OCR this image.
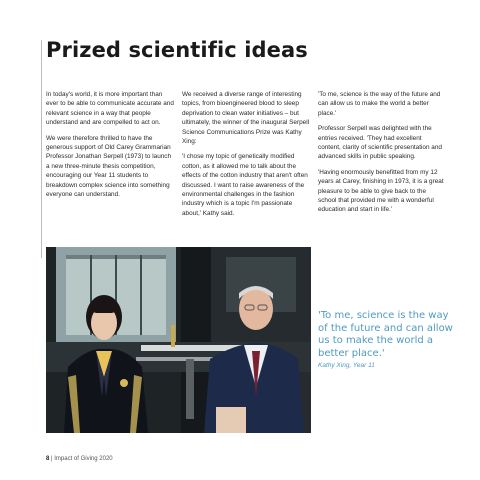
Prized scientific ideas

In today's world, it is more important than ever to be able to communicate accurate and relevant science in a way that people understand and are compelled to act on.

We were therefore thrilled to have the generous support of Old Carey Grammarian Professor Jonathan Serpell (1973) to launch a new three-minute thesis competition, encouraging our Year 11 students to breakdown complex science into something everyone can understand.

We received a diverse range of interesting topics, from bioengineered blood to sleep deprivation to clean water initiatives – but ultimately, the winner of the inaugural Serpell Science Communications Prize was Kathy Xing:

'I chose my topic of genetically modified cotton, as it allowed me to talk about the effects of the cotton industry that aren't often discussed. I want to raise awareness of the environmental challenges in the fashion industry which is a topic I'm passionate about,' Kathy said.

'To me, science is the way of the future and can allow us to make the world a better place.'

Professor Serpell was delighted with the entries received. 'They had excellent content, clarity of scientific presentation and advanced skills in public speaking.

'Having enormously benefitted from my 12 years at Carey, finishing in 1973, it is a great pleasure to be able to give back to the school that provided me with a wonderful education and start in life.'

'To me, science is the way of the future and can allow us to make the world a better place.'

Kathy Xing, Year 11

8 | Impact of Giving 2020
